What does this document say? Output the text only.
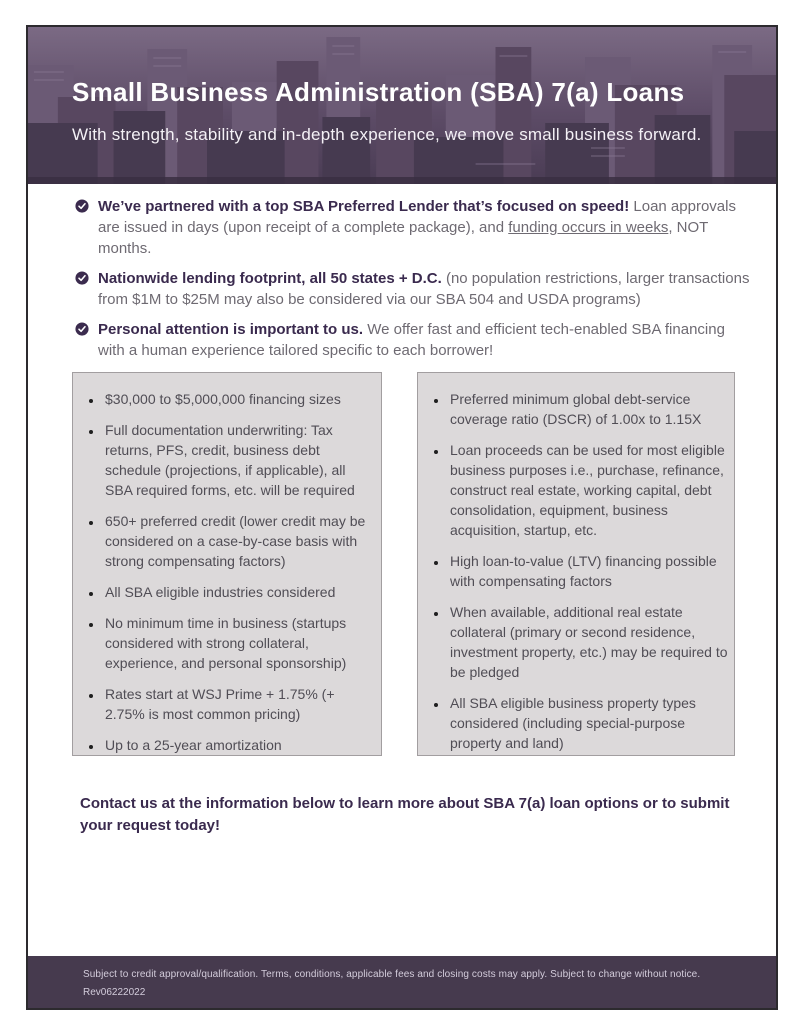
Small Business Administration (SBA) 7(a) Loans

With strength, stability and in-depth experience, we move small business forward.

We’ve partnered with a top SBA Preferred Lender that’s focused on speed! Loan approvals are issued in days (upon receipt of a complete package), and funding occurs in weeks, NOT months.

Nationwide lending footprint, all 50 states + D.C. (no population restrictions, larger transactions from $1M to $25M may also be considered via our SBA 504 and USDA programs)

Personal attention is important to us. We offer fast and efficient tech-enabled SBA financing with a human experience tailored specific to each borrower!

• $30,000 to $5,000,000 financing sizes
• Full documentation underwriting: Tax returns, PFS, credit, business debt schedule (projections, if applicable), all SBA required forms, etc. will be required
• 650+ preferred credit (lower credit may be considered on a case-by-case basis with strong compensating factors)
• All SBA eligible industries considered
• No minimum time in business (startups considered with strong collateral, experience, and personal sponsorship)
• Rates start at WSJ Prime + 1.75% (+ 2.75% is most common pricing)
• Up to a 25-year amortization
• Preferred minimum global debt-service coverage ratio (DSCR) of 1.00x to 1.15X
• Loan proceeds can be used for most eligible business purposes i.e., purchase, refinance, construct real estate, working capital, debt consolidation, equipment, business acquisition, startup, etc.
• High loan-to-value (LTV) financing possible with compensating factors
• When available, additional real estate collateral (primary or second residence, investment property, etc.) may be required to be pledged
• All SBA eligible business property types considered (including special-purpose property and land)

Contact us at the information below to learn more about SBA 7(a) loan options or to submit your request today!

Subject to credit approval/qualification. Terms, conditions, applicable fees and closing costs may apply. Subject to change without notice.
Rev06222022
